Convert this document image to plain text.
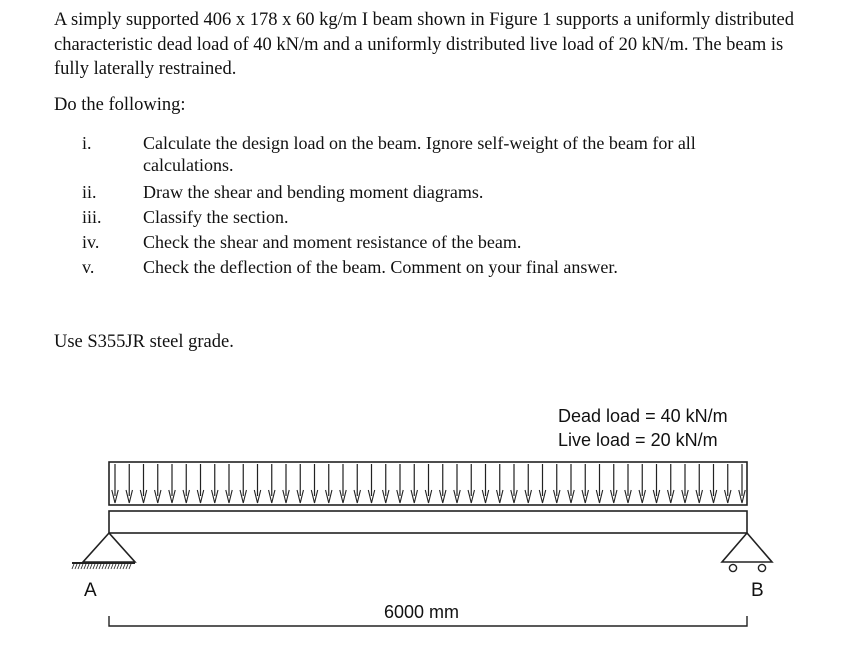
A simply supported 406 x 178 x 60 kg/m I beam shown in Figure 1 supports a uniformly distributed characteristic dead load of 40 kN/m and a uniformly distributed live load of 20 kN/m. The beam is fully laterally restrained.

Do the following:

i.	Calculate the design load on the beam. Ignore self-weight of the beam for all calculations.

ii.	Draw the shear and bending moment diagrams.

iii. Classify the section.

iv. Check the shear and moment resistance of the beam.

v.	Check the deflection of the beam. Comment on your final answer.

Use S355JR steel grade.

Dead load = 40 kN/m
Live load = 20 kN/m
A	B
6000 mm
